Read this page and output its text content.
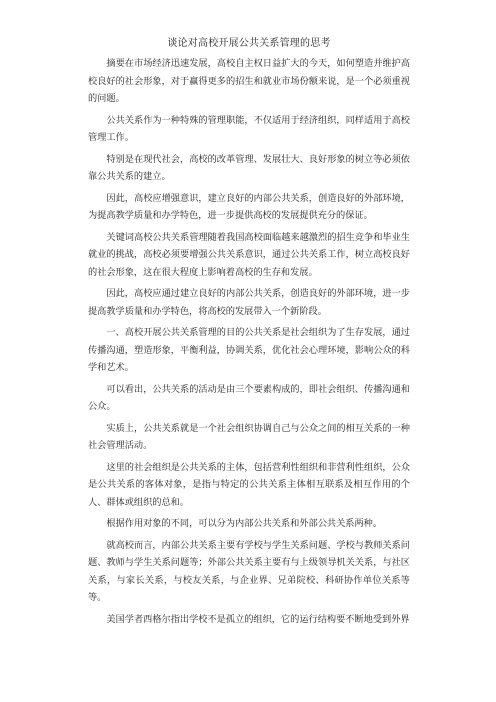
谈论对高校开展公共关系管理的思考

摘要在市场经济迅速发展，高校自主权日益扩大的今天，如何塑造并维护高校良好的社会形象，对于赢得更多的招生和就业市场份额来说，是一个必须重视的问题。

公共关系作为一种特殊的管理职能，不仅适用于经济组织，同样适用于高校管理工作。

特别是在现代社会，高校的改革管理、发展壮大、良好形象的树立等必须依靠公共关系的建立。

因此，高校应增强意识，建立良好的内部公共关系，创造良好的外部环境，为提高教学质量和办学特色，进一步提供高校的发展提供充分的保证。

关键词高校公共关系管理随着我国高校面临越来越激烈的招生竞争和毕业生就业的挑战，高校必须要增强公共关系意识，通过公共关系工作，树立高校良好的社会形象，这在很大程度上影响着高校的生存和发展。

因此，高校应通过建立良好的内部公共关系，创造良好的外部环境，进一步提高教学质量和办学特色，将高校的发展带入一个新阶段。

一、高校开展公共关系管理的目的公共关系是社会组织为了生存发展，通过传播沟通，塑造形象，平衡利益，协调关系，优化社会心理环境，影响公众的科学和艺术。

可以看出，公共关系的活动是由三个要素构成的，即社会组织、传播沟通和公众。

实质上，公共关系就是一个社会组织协调自己与公众之间的相互关系的一种社会管理活动。

这里的社会组织是公共关系的主体，包括营利性组织和非营利性组织，公众是公共关系的客体对象，是指与特定的公共关系主体相互联系及相互作用的个人、群体或组织的总和。

根据作用对象的不同，可以分为内部公共关系和外部公共关系两种。

就高校而言，内部公共关系主要有学校与学生关系问题、学校与教师关系问题、教师与学生关系问题等；外部公共关系主要有与上级领导机关关系，与社区关系，与家长关系，与校友关系，与企业界、兄弟院校、科研协作单位关系等等。

美国学者西格尔指出学校不是孤立的组织，它的运行结构要不断地受到外界
